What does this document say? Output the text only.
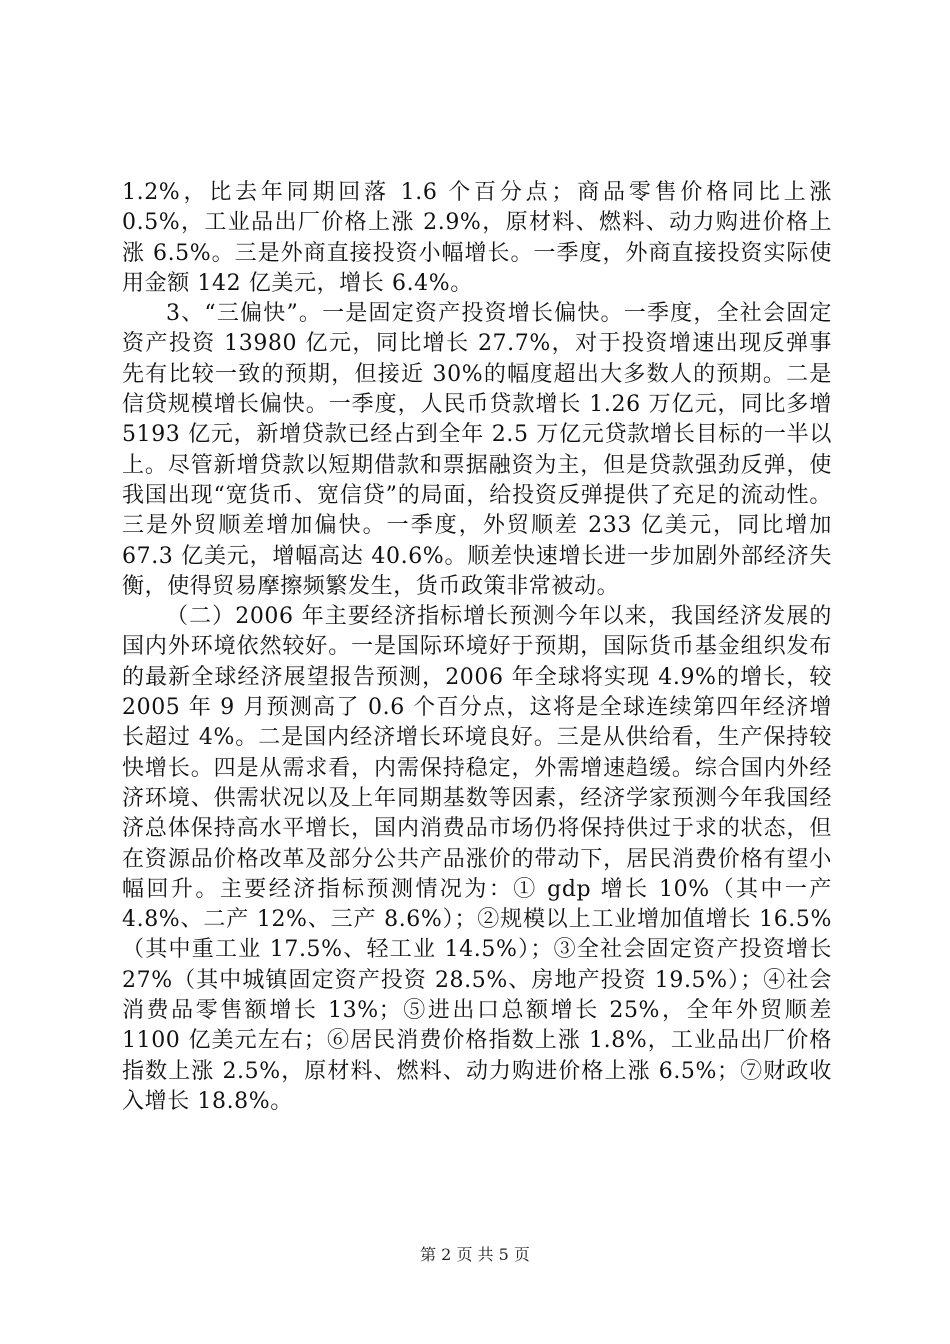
1.2%，比去年同期回落 1.6 个百分点；商品零售价格同比上涨 0.5%，工业品出厂价格上涨 2.9%，原材料、燃料、动力购进价格上涨 6.5%。三是外商直接投资小幅增长。一季度，外商直接投资实际使用金额 142 亿美元，增长 6.4%。

3、“三偏快”。一是固定资产投资增长偏快。一季度，全社会固定资产投资 13980 亿元，同比增长 27.7%，对于投资增速出现反弹事先有比较一致的预期，但接近 30%的幅度超出大多数人的预期。二是信贷规模增长偏快。一季度，人民币贷款增长 1.26 万亿元，同比多增 5193 亿元，新增贷款已经占到全年 2.5 万亿元贷款增长目标的一半以上。尽管新增贷款以短期借款和票据融资为主，但是贷款强劲反弹，使我国出现“宽货币、宽信贷”的局面，给投资反弹提供了充足的流动性。三是外贸顺差增加偏快。一季度，外贸顺差 233 亿美元，同比增加 67.3 亿美元，增幅高达 40.6%。顺差快速增长进一步加剧外部经济失衡，使得贸易摩擦频繁发生，货币政策非常被动。

（二）2006 年主要经济指标增长预测今年以来，我国经济发展的国内外环境依然较好。一是国际环境好于预期，国际货币基金组织发布的最新全球经济展望报告预测，2006 年全球将实现 4.9%的增长，较 2005 年 9 月预测高了 0.6 个百分点，这将是全球连续第四年经济增长超过 4%。二是国内经济增长环境良好。三是从供给看，生产保持较快增长。四是从需求看，内需保持稳定，外需增速趋缓。综合国内外经济环境、供需状况以及上年同期基数等因素，经济学家预测今年我国经济总体保持高水平增长，国内消费品市场仍将保持供过于求的状态，但在资源品价格改革及部分公共产品涨价的带动下，居民消费价格有望小幅回升。主要经济指标预测情况为：① gdp 增长 10%（其中一产 4.8%、二产 12%、三产 8.6%）；②规模以上工业增加值增长 16.5%（其中重工业 17.5%、轻工业 14.5%）；③全社会固定资产投资增长 27%（其中城镇固定资产投资 28.5%、房地产投资 19.5%）；④社会消费品零售额增长 13%；⑤进出口总额增长 25%，全年外贸顺差 1100 亿美元左右；⑥居民消费价格指数上涨 1.8%，工业品出厂价格指数上涨 2.5%，原材料、燃料、动力购进价格上涨 6.5%；⑦财政收入增长 18.8%。

第 2 页 共 5 页
